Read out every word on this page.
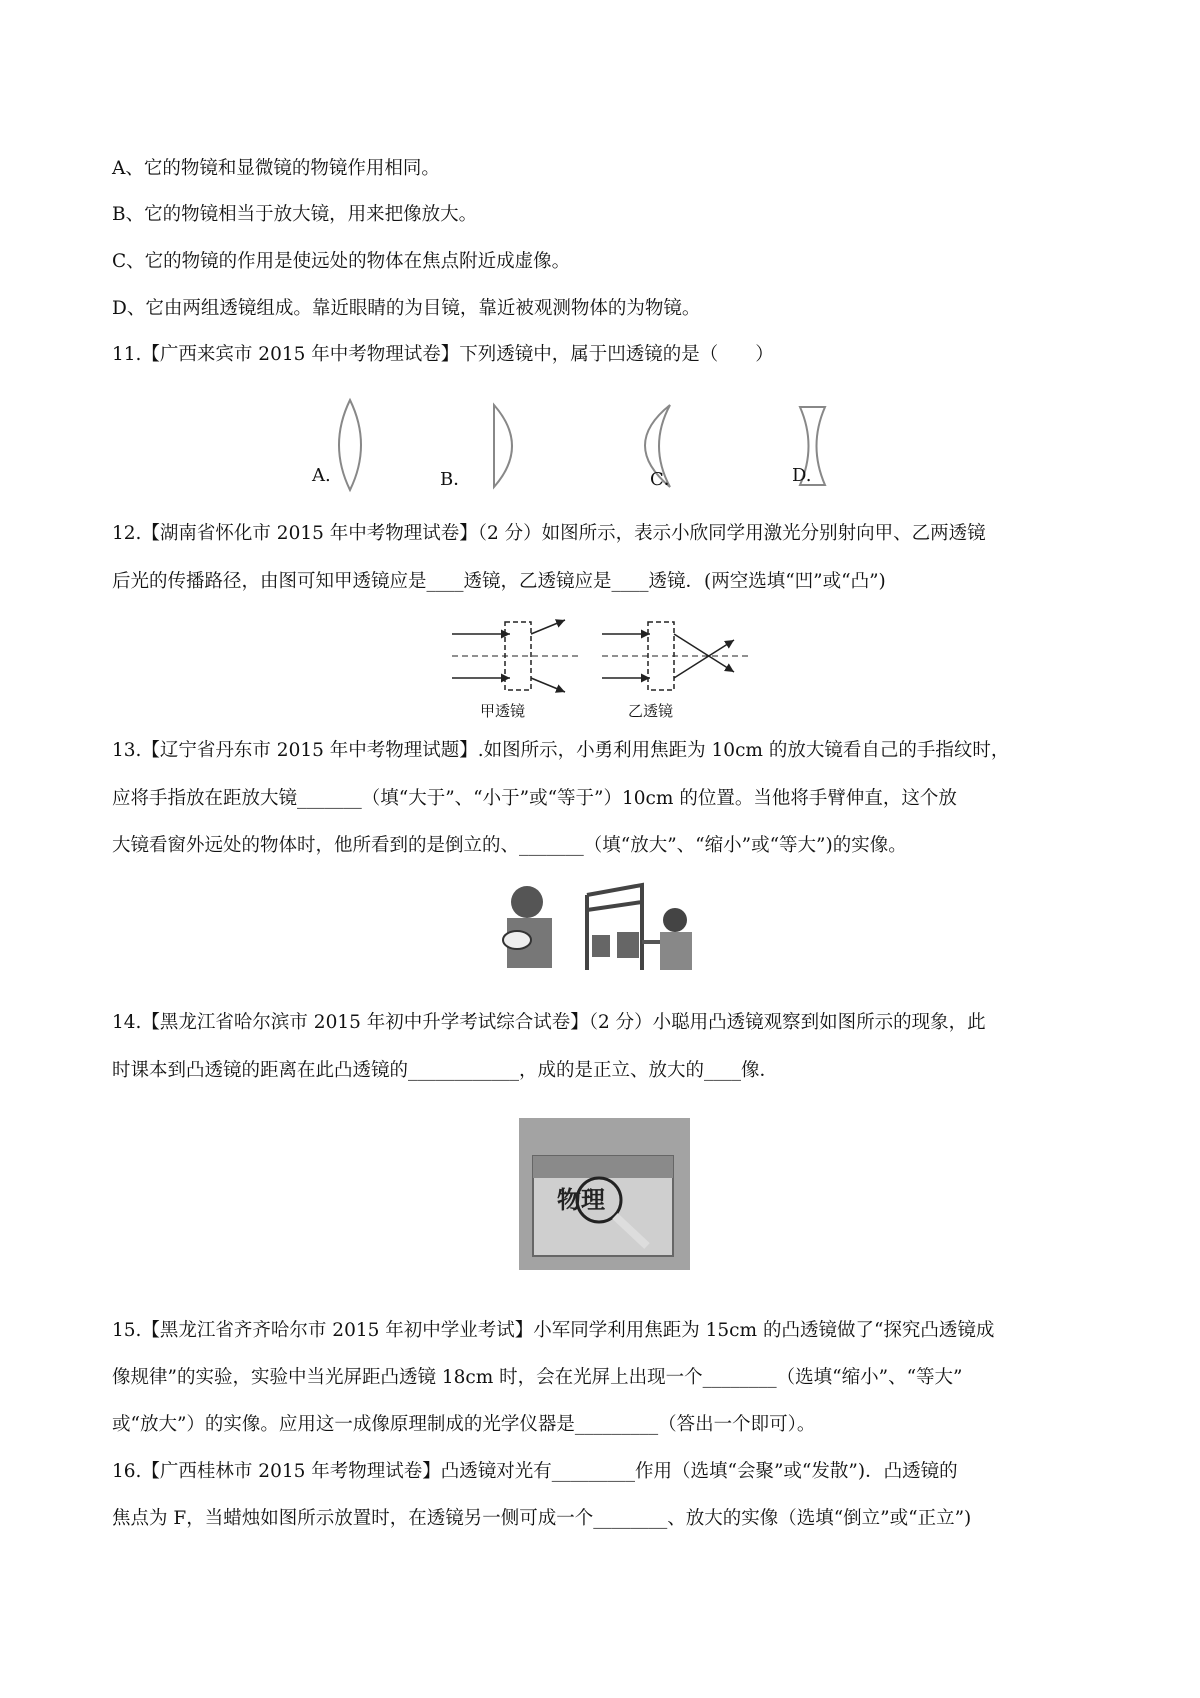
A、它的物镜和显微镜的物镜作用相同。
B、它的物镜相当于放大镜，用来把像放大。
C、它的物镜的作用是使远处的物体在焦点附近成虚像。
D、它由两组透镜组成。靠近眼睛的为目镜，靠近被观测物体的为物镜。
11.【广西来宾市 2015 年中考物理试卷】下列透镜中，属于凹透镜的是（　　）
A.	B．	C．	D.
12.【湖南省怀化市 2015 年中考物理试卷】（2 分）如图所示，表示小欣同学用激光分别射向甲、乙两透镜
后光的传播路径，由图可知甲透镜应是____透镜，乙透镜应是____透镜．(两空选填“凹”或“凸”)
甲透镜	乙透镜
13.【辽宁省丹东市 2015 年中考物理试题】.如图所示，小勇利用焦距为 10cm 的放大镜看自己的手指纹时，
应将手指放在距放大镜_______（填“大于”、“小于”或“等于”）10cm 的位置。当他将手臂伸直，这个放
大镜看窗外远处的物体时，他所看到的是倒立的、_______（填“放大”、“缩小”或“等大”)的实像。
14.【黑龙江省哈尔滨市 2015 年初中升学考试综合试卷】（2 分）小聪用凸透镜观察到如图所示的现象，此
时课本到凸透镜的距离在此凸透镜的____________，成的是正立、放大的____像．
物理
15.【黑龙江省齐齐哈尔市 2015 年初中学业考试】小军同学利用焦距为 15cm 的凸透镜做了“探究凸透镜成
像规律”的实验，实验中当光屏距凸透镜 18cm 时，会在光屏上出现一个________（选填“缩小”、“等大”
或“放大”）的实像。应用这一成像原理制成的光学仪器是_________（答出一个即可）。
16.【广西桂林市 2015 年考物理试卷】凸透镜对光有_________作用（选填“会聚”或“发散”)．凸透镜的
焦点为 F，当蜡烛如图所示放置时，在透镜另一侧可成一个________、放大的实像（选填“倒立”或“正立”)
